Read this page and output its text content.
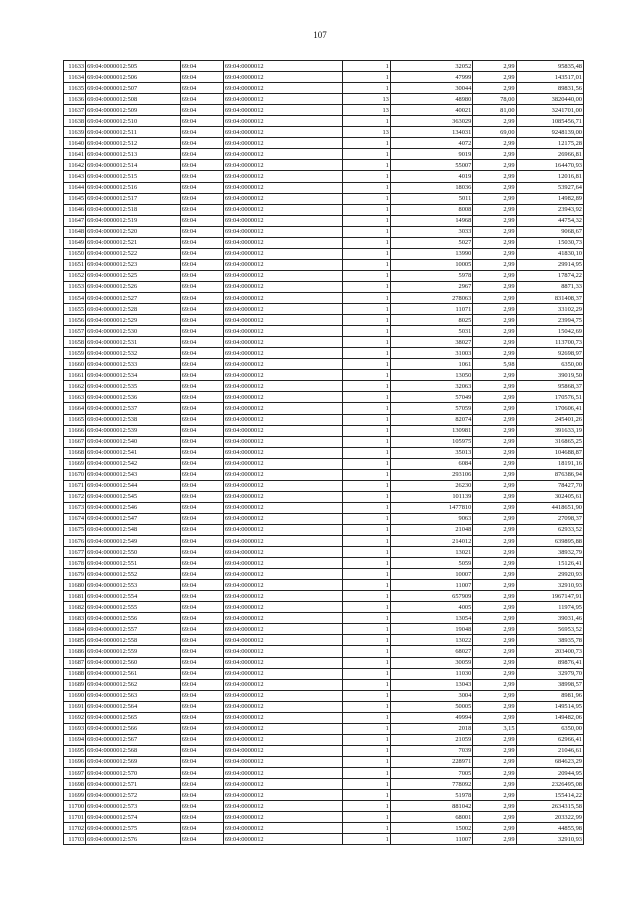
107
11633	69:04:0000012:505	69:04	69:04:0000012	1	32052	2,99	95835,48
11634	69:04:0000012:506	69:04	69:04:0000012	1	47999	2,99	143517,01
11635	69:04:0000012:507	69:04	69:04:0000012	1	30044	2,99	89831,56
11636	69:04:0000012:508	69:04	69:04:0000012	13	48980	78,00	3820440,00
11637	69:04:0000012:509	69:04	69:04:0000012	13	40021	81,00	3241701,00
11638	69:04:0000012:510	69:04	69:04:0000012	1	363029	2,99	1085456,71
11639	69:04:0000012:511	69:04	69:04:0000012	13	134031	69,00	9248139,00
11640	69:04:0000012:512	69:04	69:04:0000012	1	4072	2,99	12175,28
11641	69:04:0000012:513	69:04	69:04:0000012	1	9019	2,99	26966,81
11642	69:04:0000012:514	69:04	69:04:0000012	1	55007	2,99	164470,93
11643	69:04:0000012:515	69:04	69:04:0000012	1	4019	2,99	12016,81
11644	69:04:0000012:516	69:04	69:04:0000012	1	18036	2,99	53927,64
11645	69:04:0000012:517	69:04	69:04:0000012	1	5011	2,99	14982,89
11646	69:04:0000012:518	69:04	69:04:0000012	1	8008	2,99	23943,92
11647	69:04:0000012:519	69:04	69:04:0000012	1	14968	2,99	44754,32
11648	69:04:0000012:520	69:04	69:04:0000012	1	3033	2,99	9068,67
11649	69:04:0000012:521	69:04	69:04:0000012	1	5027	2,99	15030,73
11650	69:04:0000012:522	69:04	69:04:0000012	1	13990	2,99	41830,10
11651	69:04:0000012:523	69:04	69:04:0000012	1	10005	2,99	29914,95
11652	69:04:0000012:525	69:04	69:04:0000012	1	5978	2,99	17874,22
11653	69:04:0000012:526	69:04	69:04:0000012	1	2967	2,99	8871,33
11654	69:04:0000012:527	69:04	69:04:0000012	1	278063	2,99	831408,37
11655	69:04:0000012:528	69:04	69:04:0000012	1	11071	2,99	33102,29
11656	69:04:0000012:529	69:04	69:04:0000012	1	8025	2,99	23994,75
11657	69:04:0000012:530	69:04	69:04:0000012	1	5031	2,99	15042,69
11658	69:04:0000012:531	69:04	69:04:0000012	1	38027	2,99	113700,73
11659	69:04:0000012:532	69:04	69:04:0000012	1	31003	2,99	92698,97
11660	69:04:0000012:533	69:04	69:04:0000012	1	1061	5,98	6350,00
11661	69:04:0000012:534	69:04	69:04:0000012	1	13050	2,99	39019,50
11662	69:04:0000012:535	69:04	69:04:0000012	1	32063	2,99	95868,37
11663	69:04:0000012:536	69:04	69:04:0000012	1	57049	2,99	170576,51
11664	69:04:0000012:537	69:04	69:04:0000012	1	57059	2,99	170606,41
11665	69:04:0000012:538	69:04	69:04:0000012	1	82074	2,99	245401,26
11666	69:04:0000012:539	69:04	69:04:0000012	1	130981	2,99	391633,19
11667	69:04:0000012:540	69:04	69:04:0000012	1	105975	2,99	316865,25
11668	69:04:0000012:541	69:04	69:04:0000012	1	35013	2,99	104688,87
11669	69:04:0000012:542	69:04	69:04:0000012	1	6084	2,99	18191,16
11670	69:04:0000012:543	69:04	69:04:0000012	1	293106	2,99	876386,94
11671	69:04:0000012:544	69:04	69:04:0000012	1	26230	2,99	78427,70
11672	69:04:0000012:545	69:04	69:04:0000012	1	101139	2,99	302405,61
11673	69:04:0000012:546	69:04	69:04:0000012	1	1477810	2,99	4418651,90
11674	69:04:0000012:547	69:04	69:04:0000012	1	9063	2,99	27098,37
11675	69:04:0000012:548	69:04	69:04:0000012	1	21048	2,99	62933,52
11676	69:04:0000012:549	69:04	69:04:0000012	1	214012	2,99	639895,88
11677	69:04:0000012:550	69:04	69:04:0000012	1	13021	2,99	38932,79
11678	69:04:0000012:551	69:04	69:04:0000012	1	5059	2,99	15126,41
11679	69:04:0000012:552	69:04	69:04:0000012	1	10007	2,99	29920,93
11680	69:04:0000012:553	69:04	69:04:0000012	1	11007	2,99	32910,93
11681	69:04:0000012:554	69:04	69:04:0000012	1	657909	2,99	1967147,91
11682	69:04:0000012:555	69:04	69:04:0000012	1	4005	2,99	11974,95
11683	69:04:0000012:556	69:04	69:04:0000012	1	13054	2,99	39031,46
11684	69:04:0000012:557	69:04	69:04:0000012	1	19048	2,99	56953,52
11685	69:04:0000012:558	69:04	69:04:0000012	1	13022	2,99	38935,78
11686	69:04:0000012:559	69:04	69:04:0000012	1	68027	2,99	203400,73
11687	69:04:0000012:560	69:04	69:04:0000012	1	30059	2,99	89876,41
11688	69:04:0000012:561	69:04	69:04:0000012	1	11030	2,99	32979,70
11689	69:04:0000012:562	69:04	69:04:0000012	1	13043	2,99	38998,57
11690	69:04:0000012:563	69:04	69:04:0000012	1	3004	2,99	8981,96
11691	69:04:0000012:564	69:04	69:04:0000012	1	50005	2,99	149514,95
11692	69:04:0000012:565	69:04	69:04:0000012	1	49994	2,99	149482,06
11693	69:04:0000012:566	69:04	69:04:0000012	1	2018	3,15	6350,00
11694	69:04:0000012:567	69:04	69:04:0000012	1	21059	2,99	62966,41
11695	69:04:0000012:568	69:04	69:04:0000012	1	7039	2,99	21046,61
11696	69:04:0000012:569	69:04	69:04:0000012	1	228971	2,99	684623,29
11697	69:04:0000012:570	69:04	69:04:0000012	1	7005	2,99	20944,95
11698	69:04:0000012:571	69:04	69:04:0000012	1	778092	2,99	2326495,08
11699	69:04:0000012:572	69:04	69:04:0000012	1	51978	2,99	155414,22
11700	69:04:0000012:573	69:04	69:04:0000012	1	881042	2,99	2634315,58
11701	69:04:0000012:574	69:04	69:04:0000012	1	68001	2,99	203322,99
11702	69:04:0000012:575	69:04	69:04:0000012	1	15002	2,99	44855,98
11703	69:04:0000012:576	69:04	69:04:0000012	1	11007	2,99	32910,93
